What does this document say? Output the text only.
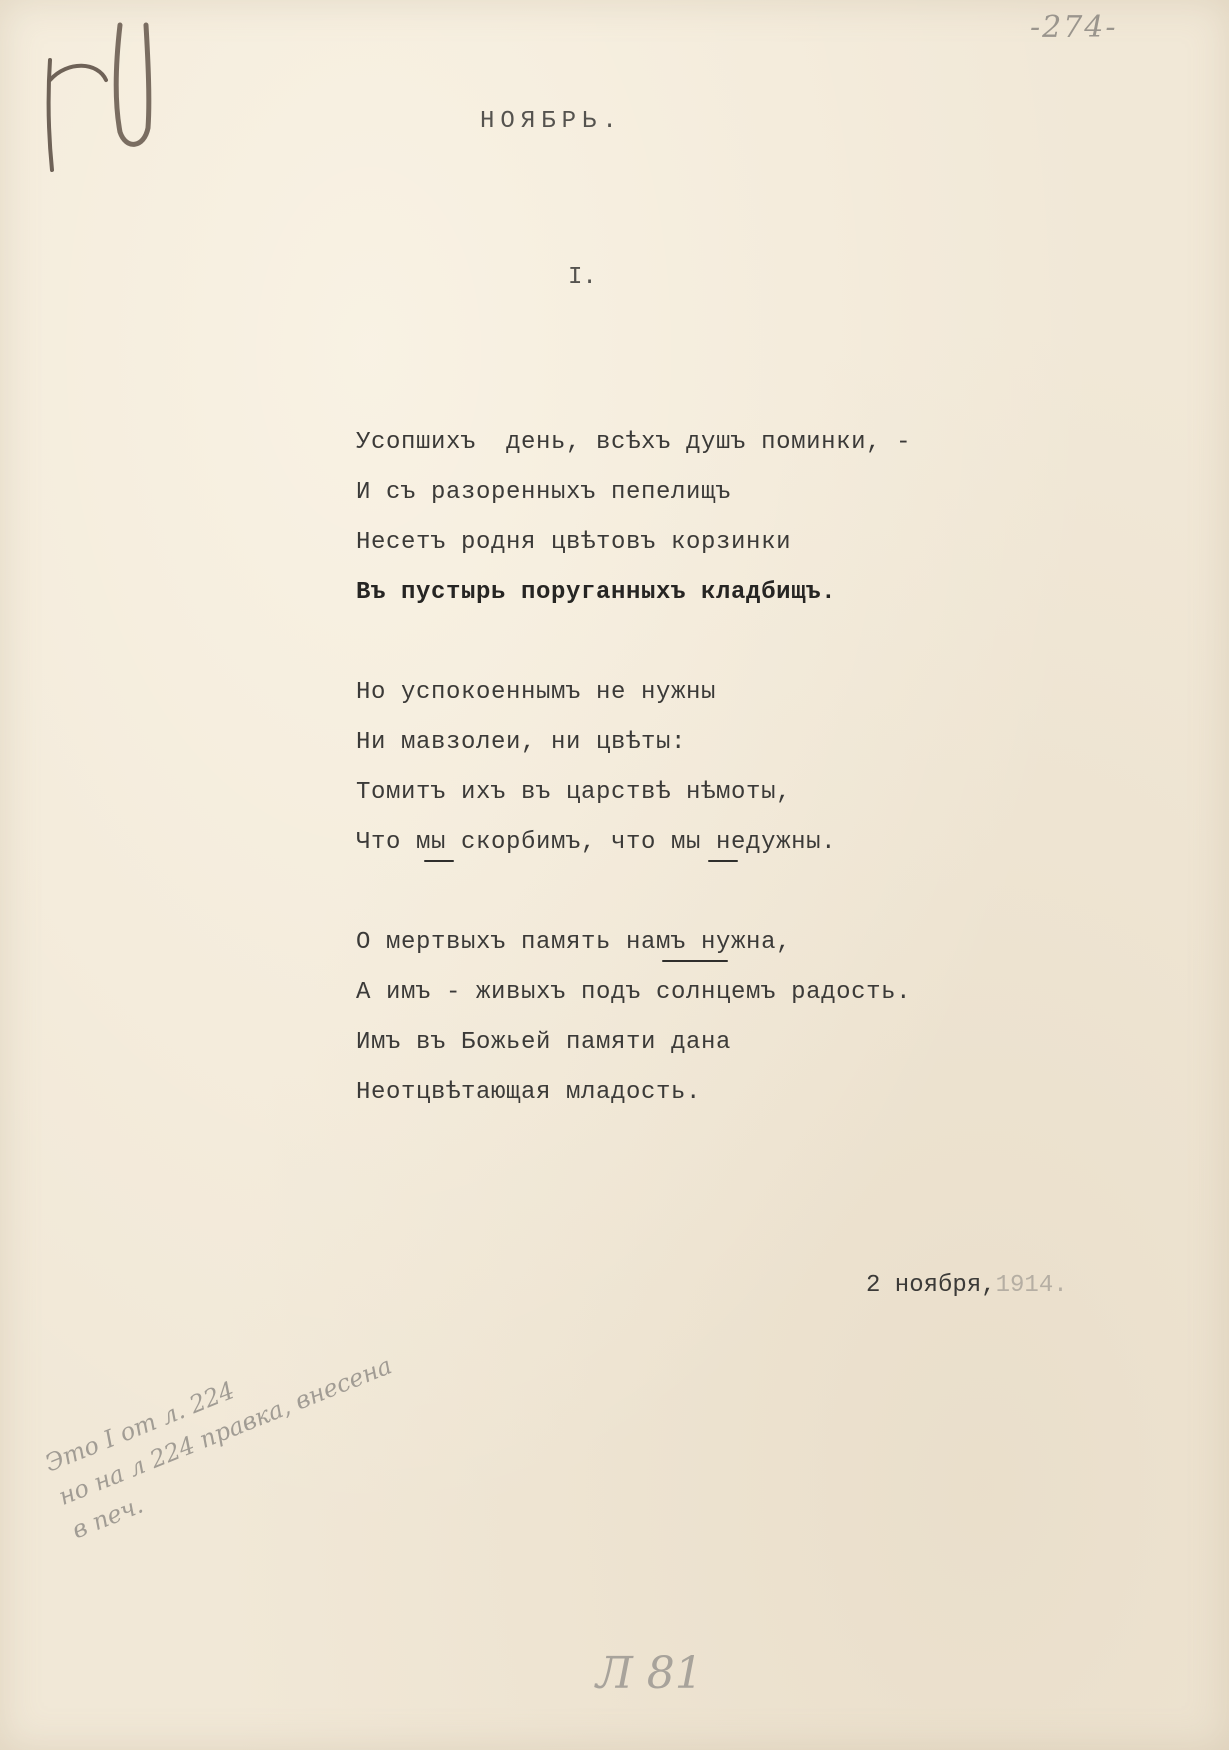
-274-
НОЯБРЬ.
I.
Усопшихъ  день, всѣхъ душъ поминки, -
И съ разоренныхъ пепелищъ
Несетъ родня цвѣтовъ корзинки
Въ пустырь поруганныхъ кладбищъ.
Но успокоеннымъ не нужны
Ни мавзолеи, ни цвѣты:
Томитъ ихъ въ царствѣ нѣмоты,
Что мы скорбимъ, что мы недужны.
О мертвыхъ память намъ нужна,
А имъ - живыхъ подъ солнцемъ радость.
Имъ въ Божьей памяти дана
Неотцвѣтающая младость.
2 ноября,1914.
Это I от л. 224
но на л 224 правка, внесена
в печ.
Л 81
